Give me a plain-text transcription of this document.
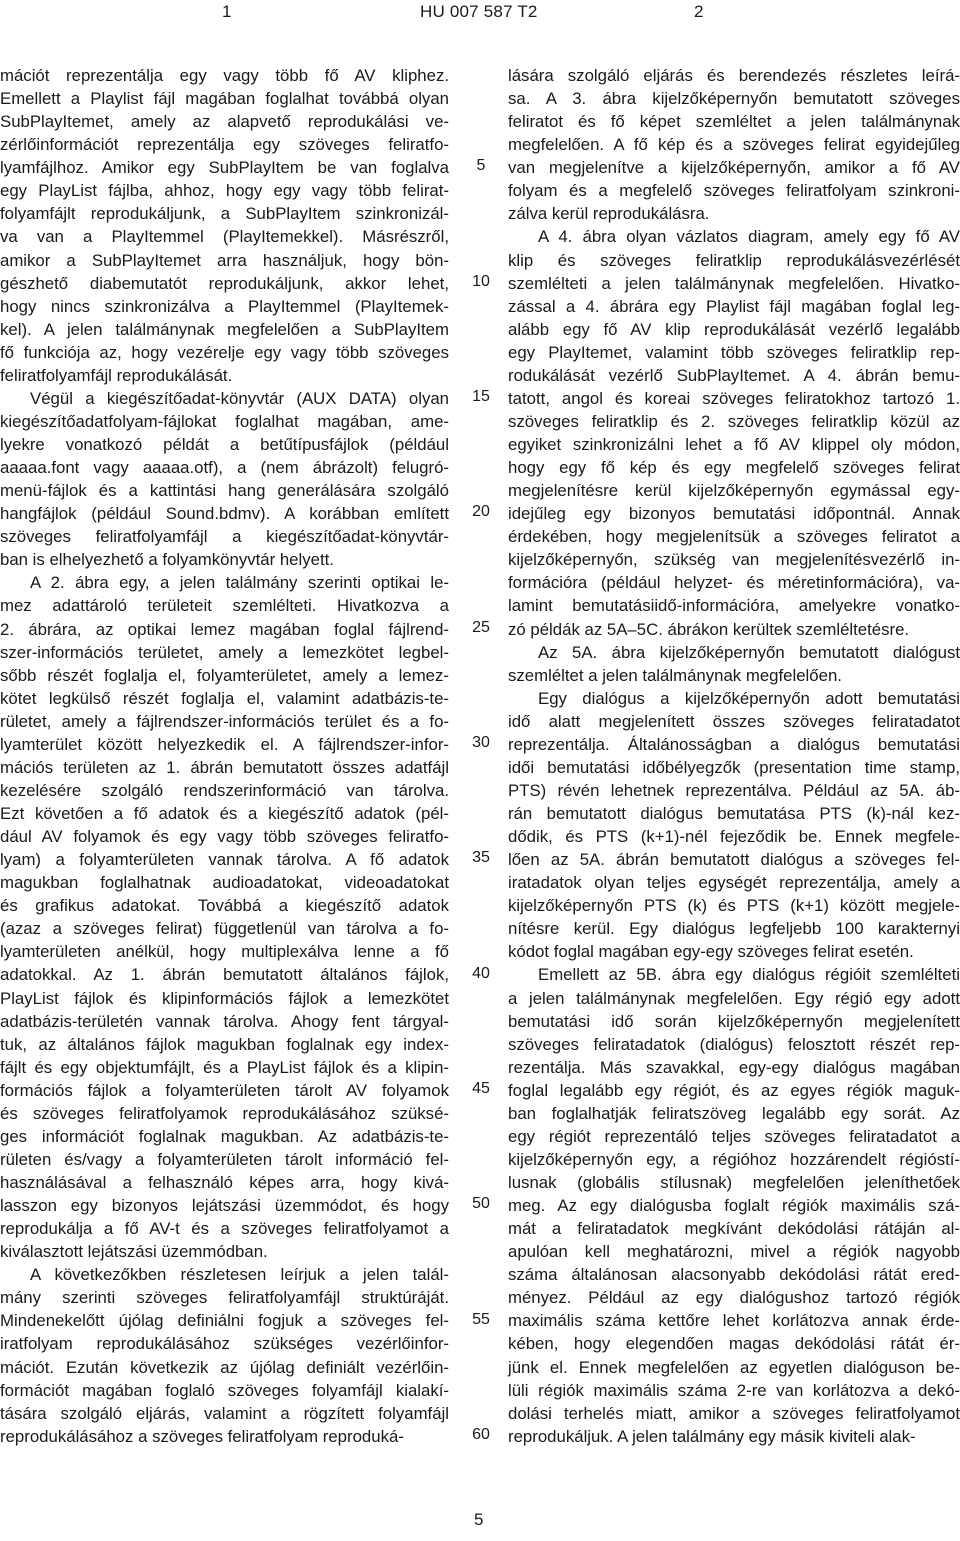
1	HU 007 587 T2	2
mációt reprezentálja egy vagy több fő AV kliphez.
Emellett a Playlist fájl magában foglalhat továbbá olyan
SubPlayItemet, amely az alapvető reprodukálási ve-
zérlőinformációt reprezentálja egy szöveges feliratfo-
lyamfájlhoz. Amikor egy SubPlayItem be van foglalva
egy PlayList fájlba, ahhoz, hogy egy vagy több felirat-
folyamfájlt reprodukáljunk, a SubPlayItem szinkronizál-
va van a PlayItemmel (PlayItemekkel). Másrészről,
amikor a SubPlayItemet arra használjuk, hogy bön-
gészhető diabemutatót reprodukáljunk, akkor lehet,
hogy nincs szinkronizálva a PlayItemmel (PlayItemek-
kel). A jelen találmánynak megfelelően a SubPlayItem
fő funkciója az, hogy vezérelje egy vagy több szöveges
feliratfolyamfájl reprodukálását.
Végül a kiegészítőadat-könyvtár (AUX DATA) olyan
kiegészítőadatfolyam-fájlokat foglalhat magában, ame-
lyekre vonatkozó példát a betűtípusfájlok (például
aaaaa.font vagy aaaaa.otf), a (nem ábrázolt) felugró-
menü-fájlok és a kattintási hang generálására szolgáló
hangfájlok (például Sound.bdmv). A korábban említett
szöveges feliratfolyamfájl a kiegészítőadat-könyvtár-
ban is elhelyezhető a folyamkönyvtár helyett.
A 2. ábra egy, a jelen találmány szerinti optikai le-
mez adattároló területeit szemlélteti. Hivatkozva a
2. ábrára, az optikai lemez magában foglal fájlrend-
szer-információs területet, amely a lemezkötet legbel-
sőbb részét foglalja el, folyamterületet, amely a lemez-
kötet legkülső részét foglalja el, valamint adatbázis-te-
rületet, amely a fájlrendszer-információs terület és a fo-
lyamterület között helyezkedik el. A fájlrendszer-infor-
mációs területen az 1. ábrán bemutatott összes adatfájl
kezelésére szolgáló rendszerinformáció van tárolva.
Ezt követően a fő adatok és a kiegészítő adatok (pél-
dául AV folyamok és egy vagy több szöveges feliratfo-
lyam) a folyamterületen vannak tárolva. A fő adatok
magukban foglalhatnak audioadatokat, videoadatokat
és grafikus adatokat. Továbbá a kiegészítő adatok
(azaz a szöveges felirat) függetlenül van tárolva a fo-
lyamterületen anélkül, hogy multiplexálva lenne a fő
adatokkal. Az 1. ábrán bemutatott általános fájlok,
PlayList fájlok és klipinformációs fájlok a lemezkötet
adatbázis-területén vannak tárolva. Ahogy fent tárgyal-
tuk, az általános fájlok magukban foglalnak egy index-
fájlt és egy objektumfájlt, és a PlayList fájlok és a klipin-
formációs fájlok a folyamterületen tárolt AV folyamok
és szöveges feliratfolyamok reprodukálásához szüksé-
ges információt foglalnak magukban. Az adatbázis-te-
rületen és/vagy a folyamterületen tárolt információ fel-
használásával a felhasználó képes arra, hogy kivá-
lasszon egy bizonyos lejátszási üzemmódot, és hogy
reprodukálja a fő AV-t és a szöveges feliratfolyamot a
kiválasztott lejátszási üzemmódban.
A következőkben részletesen leírjuk a jelen talál-
mány szerinti szöveges feliratfolyamfájl struktúráját.
Mindenekelőtt újólag definiálni fogjuk a szöveges fel-
iratfolyam reprodukálásához szükséges vezérlőinfor-
mációt. Ezután következik az újólag definiált vezérlőin-
formációt magában foglaló szöveges folyamfájl kialakí-
tására szolgáló eljárás, valamint a rögzített folyamfájl
reprodukálásához a szöveges feliratfolyam reproduká-
lására szolgáló eljárás és berendezés részletes leírá-
sa. A 3. ábra kijelzőképernyőn bemutatott szöveges
feliratot és fő képet szemléltet a jelen találmánynak
megfelelően. A fő kép és a szöveges felirat egyidejűleg
van megjelenítve a kijelzőképernyőn, amikor a fő AV
folyam és a megfelelő szöveges feliratfolyam szinkroni-
zálva kerül reprodukálásra.
A 4. ábra olyan vázlatos diagram, amely egy fő AV
klip és szöveges feliratklip reprodukálásvezérlését
szemlélteti a jelen találmánynak megfelelően. Hivatko-
zással a 4. ábrára egy Playlist fájl magában foglal leg-
alább egy fő AV klip reprodukálását vezérlő legalább
egy PlayItemet, valamint több szöveges feliratklip rep-
rodukálását vezérlő SubPlayItemet. A 4. ábrán bemu-
tatott, angol és koreai szöveges feliratokhoz tartozó 1.
szöveges feliratklip és 2. szöveges feliratklip közül az
egyiket szinkronizálni lehet a fő AV klippel oly módon,
hogy egy fő kép és egy megfelelő szöveges felirat
megjelenítésre kerül kijelzőképernyőn egymással egy-
idejűleg egy bizonyos bemutatási időpontnál. Annak
érdekében, hogy megjelenítsük a szöveges feliratot a
kijelzőképernyőn, szükség van megjelenítésvezérlő in-
formációra (például helyzet- és méretinformációra), va-
lamint bemutatásiidő-információra, amelyekre vonatko-
zó példák az 5A–5C. ábrákon kerültek szemléltetésre.
Az 5A. ábra kijelzőképernyőn bemutatott dialógust
szemléltet a jelen találmánynak megfelelően.
Egy dialógus a kijelzőképernyőn adott bemutatási
idő alatt megjelenített összes szöveges feliratadatot
reprezentálja. Általánosságban a dialógus bemutatási
idői bemutatási időbélyegzők (presentation time stamp,
PTS) révén lehetnek reprezentálva. Például az 5A. áb-
rán bemutatott dialógus bemutatása PTS (k)-nál kez-
dődik, és PTS (k+1)-nél fejeződik be. Ennek megfele-
lően az 5A. ábrán bemutatott dialógus a szöveges fel-
iratadatok olyan teljes egységét reprezentálja, amely a
kijelzőképernyőn PTS (k) és PTS (k+1) között megjele-
nítésre kerül. Egy dialógus legfeljebb 100 karakternyi
kódot foglal magában egy-egy szöveges felirat esetén.
Emellett az 5B. ábra egy dialógus régióit szemlélteti
a jelen találmánynak megfelelően. Egy régió egy adott
bemutatási idő során kijelzőképernyőn megjelenített
szöveges feliratadatok (dialógus) felosztott részét rep-
rezentálja. Más szavakkal, egy-egy dialógus magában
foglal legalább egy régiót, és az egyes régiók maguk-
ban foglalhatják feliratszöveg legalább egy sorát. Az
egy régiót reprezentáló teljes szöveges feliratadatot a
kijelzőképernyőn egy, a régióhoz hozzárendelt régióstí-
lusnak (globális stílusnak) megfelelően jeleníthetőek
meg. Az egy dialógusba foglalt régiók maximális szá-
mát a feliratadatok megkívánt dekódolási rátáján al-
apulóan kell meghatározni, mivel a régiók nagyobb
száma általánosan alacsonyabb dekódolási rátát ered-
ményez. Például az egy dialógushoz tartozó régiók
maximális száma kettőre lehet korlátozva annak érde-
kében, hogy elegendően magas dekódolási rátát ér-
jünk el. Ennek megfelelően az egyetlen dialóguson be-
lüli régiók maximális száma 2-re van korlátozva a dekó-
dolási terhelés miatt, amikor a szöveges feliratfolyamot
reprodukáljuk. A jelen találmány egy másik kiviteli alak-
5
10
15
20
25
30
35
40
45
50
55
60
5
